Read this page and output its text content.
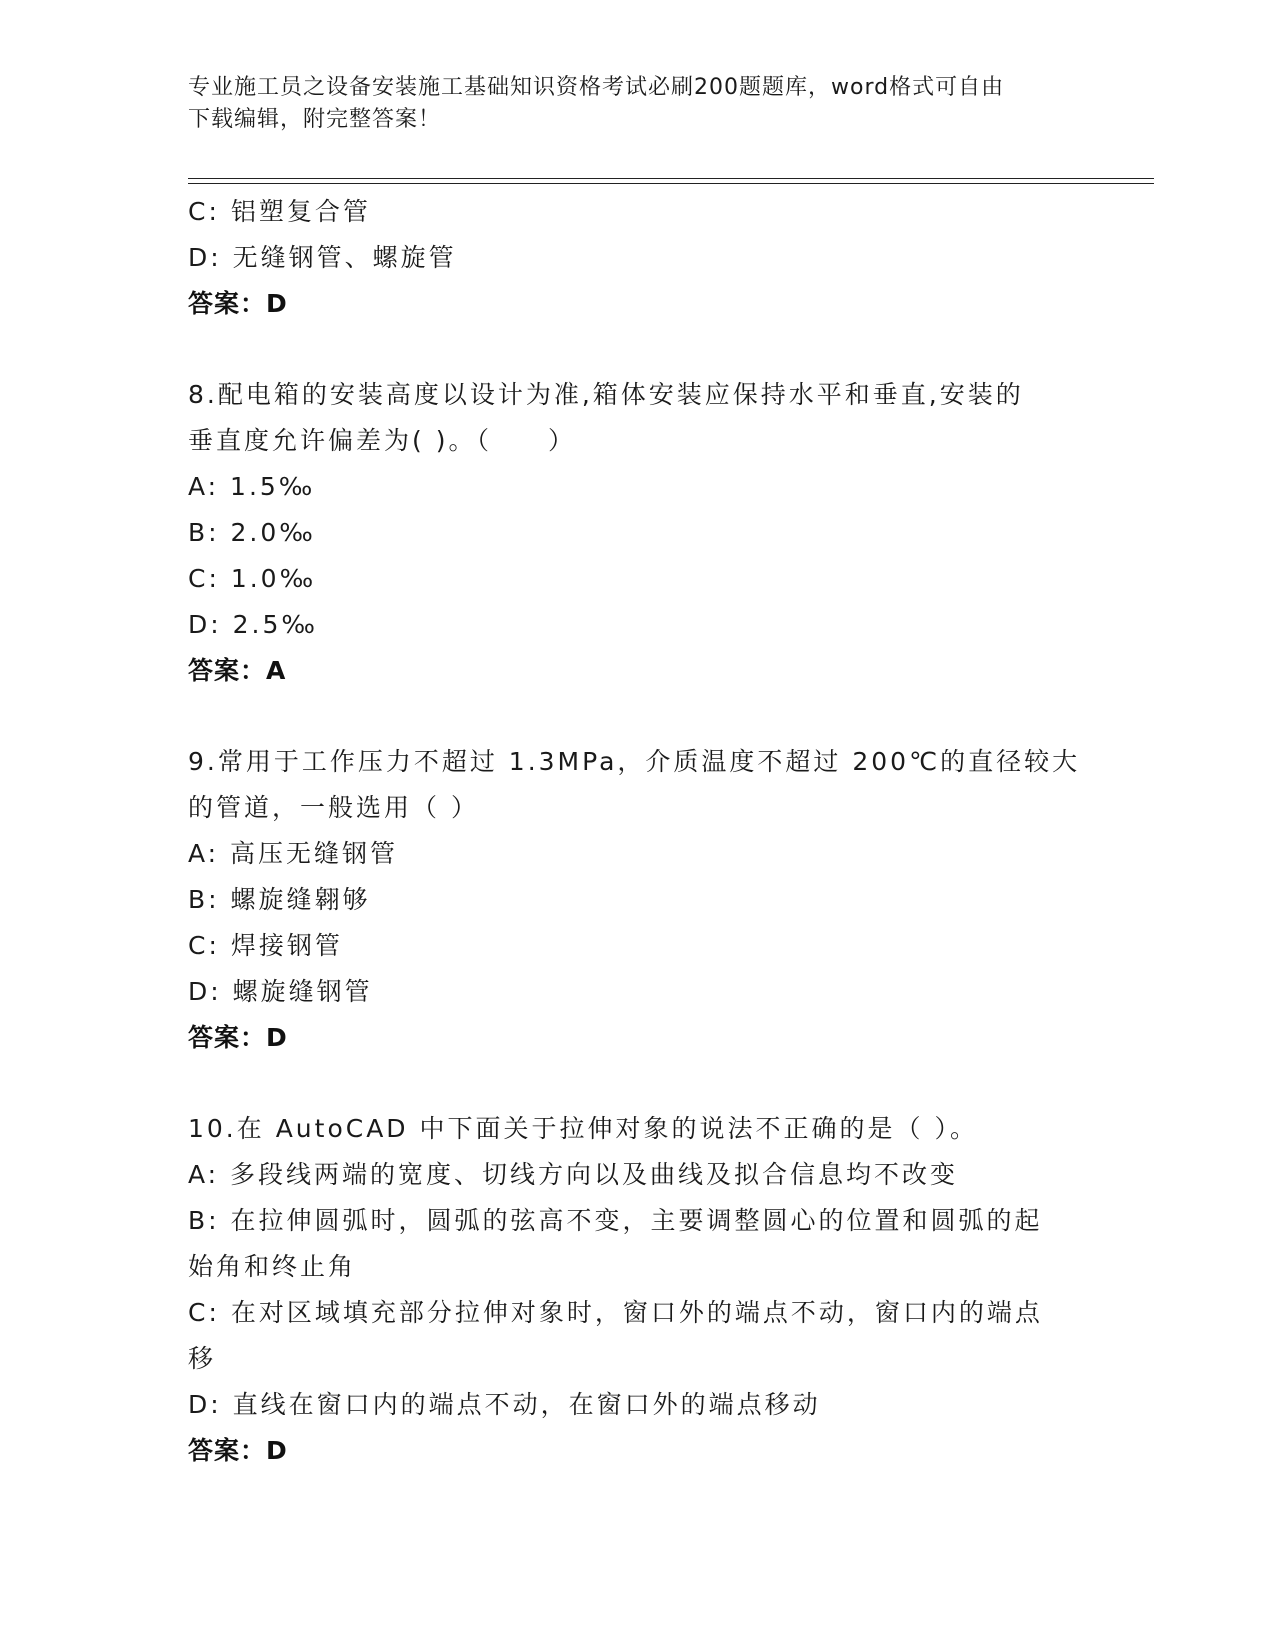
专业施工员之设备安装施工基础知识资格考试必刷200题题库，word格式可自由
下载编辑，附完整答案！
C: 铝塑复合管
D: 无缝钢管、螺旋管
答案：D
8.配电箱的安装高度以设计为准,箱体安装应保持水平和垂直,安装的
垂直度允许偏差为( )。（　　）
A: 1.5‰
B: 2.0‰
C: 1.0‰
D: 2.5‰
答案：A
9.常用于工作压力不超过 1.3MPa，介质温度不超过 200℃的直径较大
的管道，一般选用（ ）
A: 高压无缝钢管
B: 螺旋缝翱够
C: 焊接钢管
D: 螺旋缝钢管
答案：D
10.在 AutoCAD 中下面关于拉伸对象的说法不正确的是（ ）。
A: 多段线两端的宽度、切线方向以及曲线及拟合信息均不改变
B: 在拉伸圆弧时，圆弧的弦高不变，主要调整圆心的位置和圆弧的起
始角和终止角
C: 在对区域填充部分拉伸对象时，窗口外的端点不动，窗口内的端点
移
D: 直线在窗口内的端点不动，在窗口外的端点移动
答案：D
